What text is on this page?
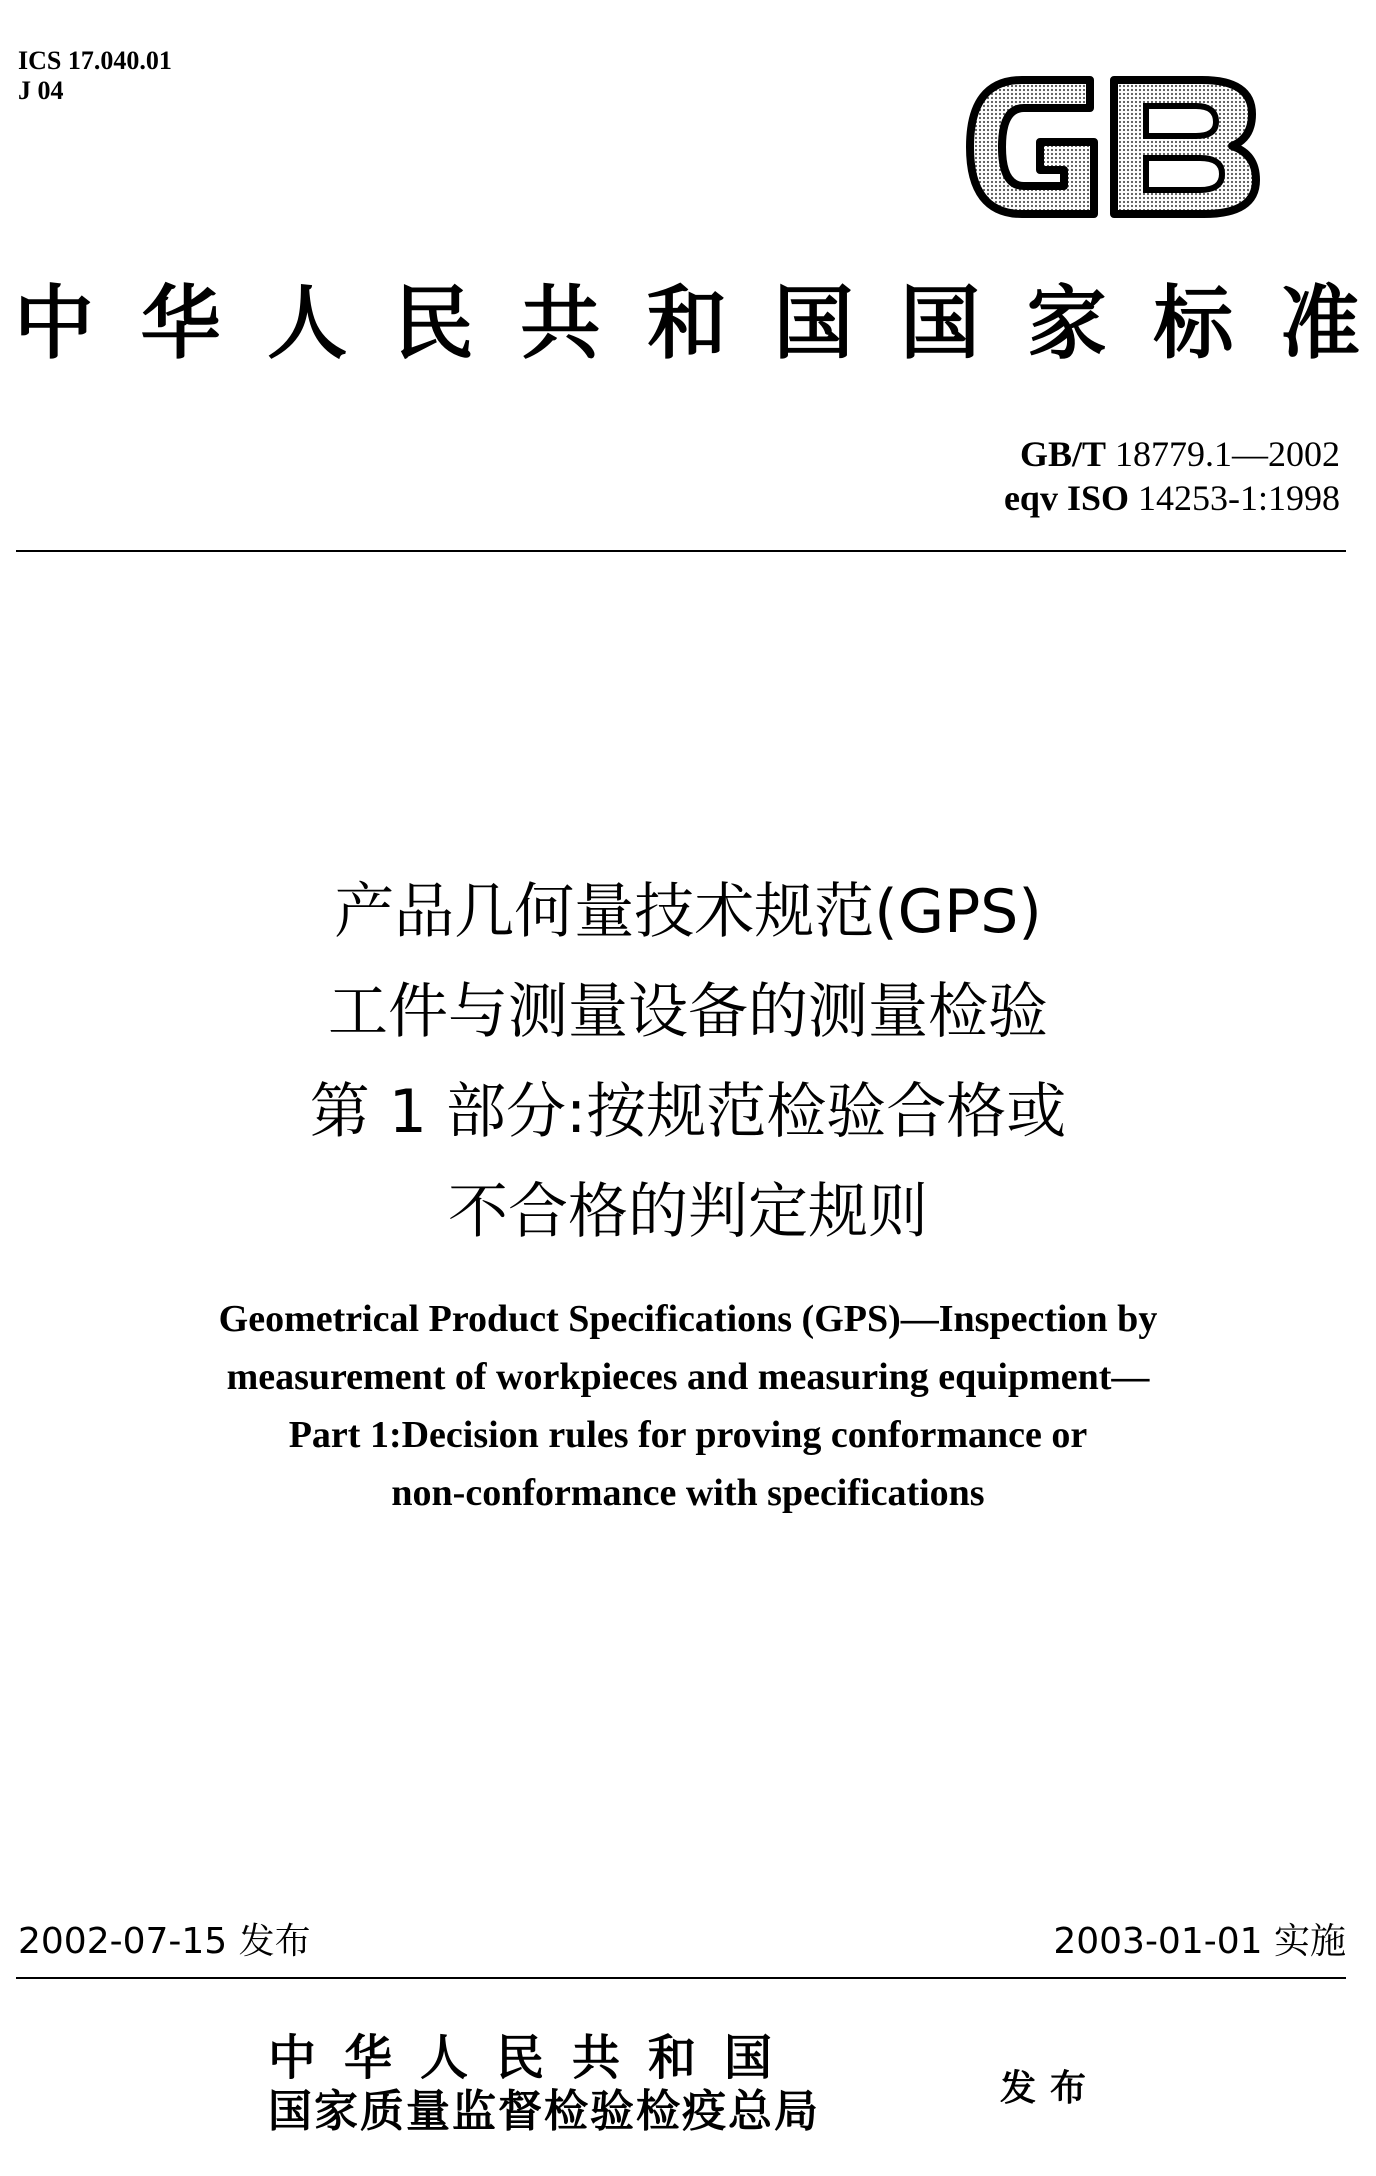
ICS 17.040.01
J 04
中 华 人 民 共 和 国 国 家 标 准
GB/T 18779.1—2002
eqv ISO 14253-1:1998
产品几何量技术规范(GPS)
工件与测量设备的测量检验
第 1 部分:按规范检验合格或
不合格的判定规则
Geometrical Product Specifications (GPS)—Inspection by
measurement of workpieces and measuring equipment—
Part 1:Decision rules for proving conformance or
non-conformance with specifications
2002-07-15 发布	2003-01-01 实施
中华人民共和国
国家质量监督检验检疫总局	发布
